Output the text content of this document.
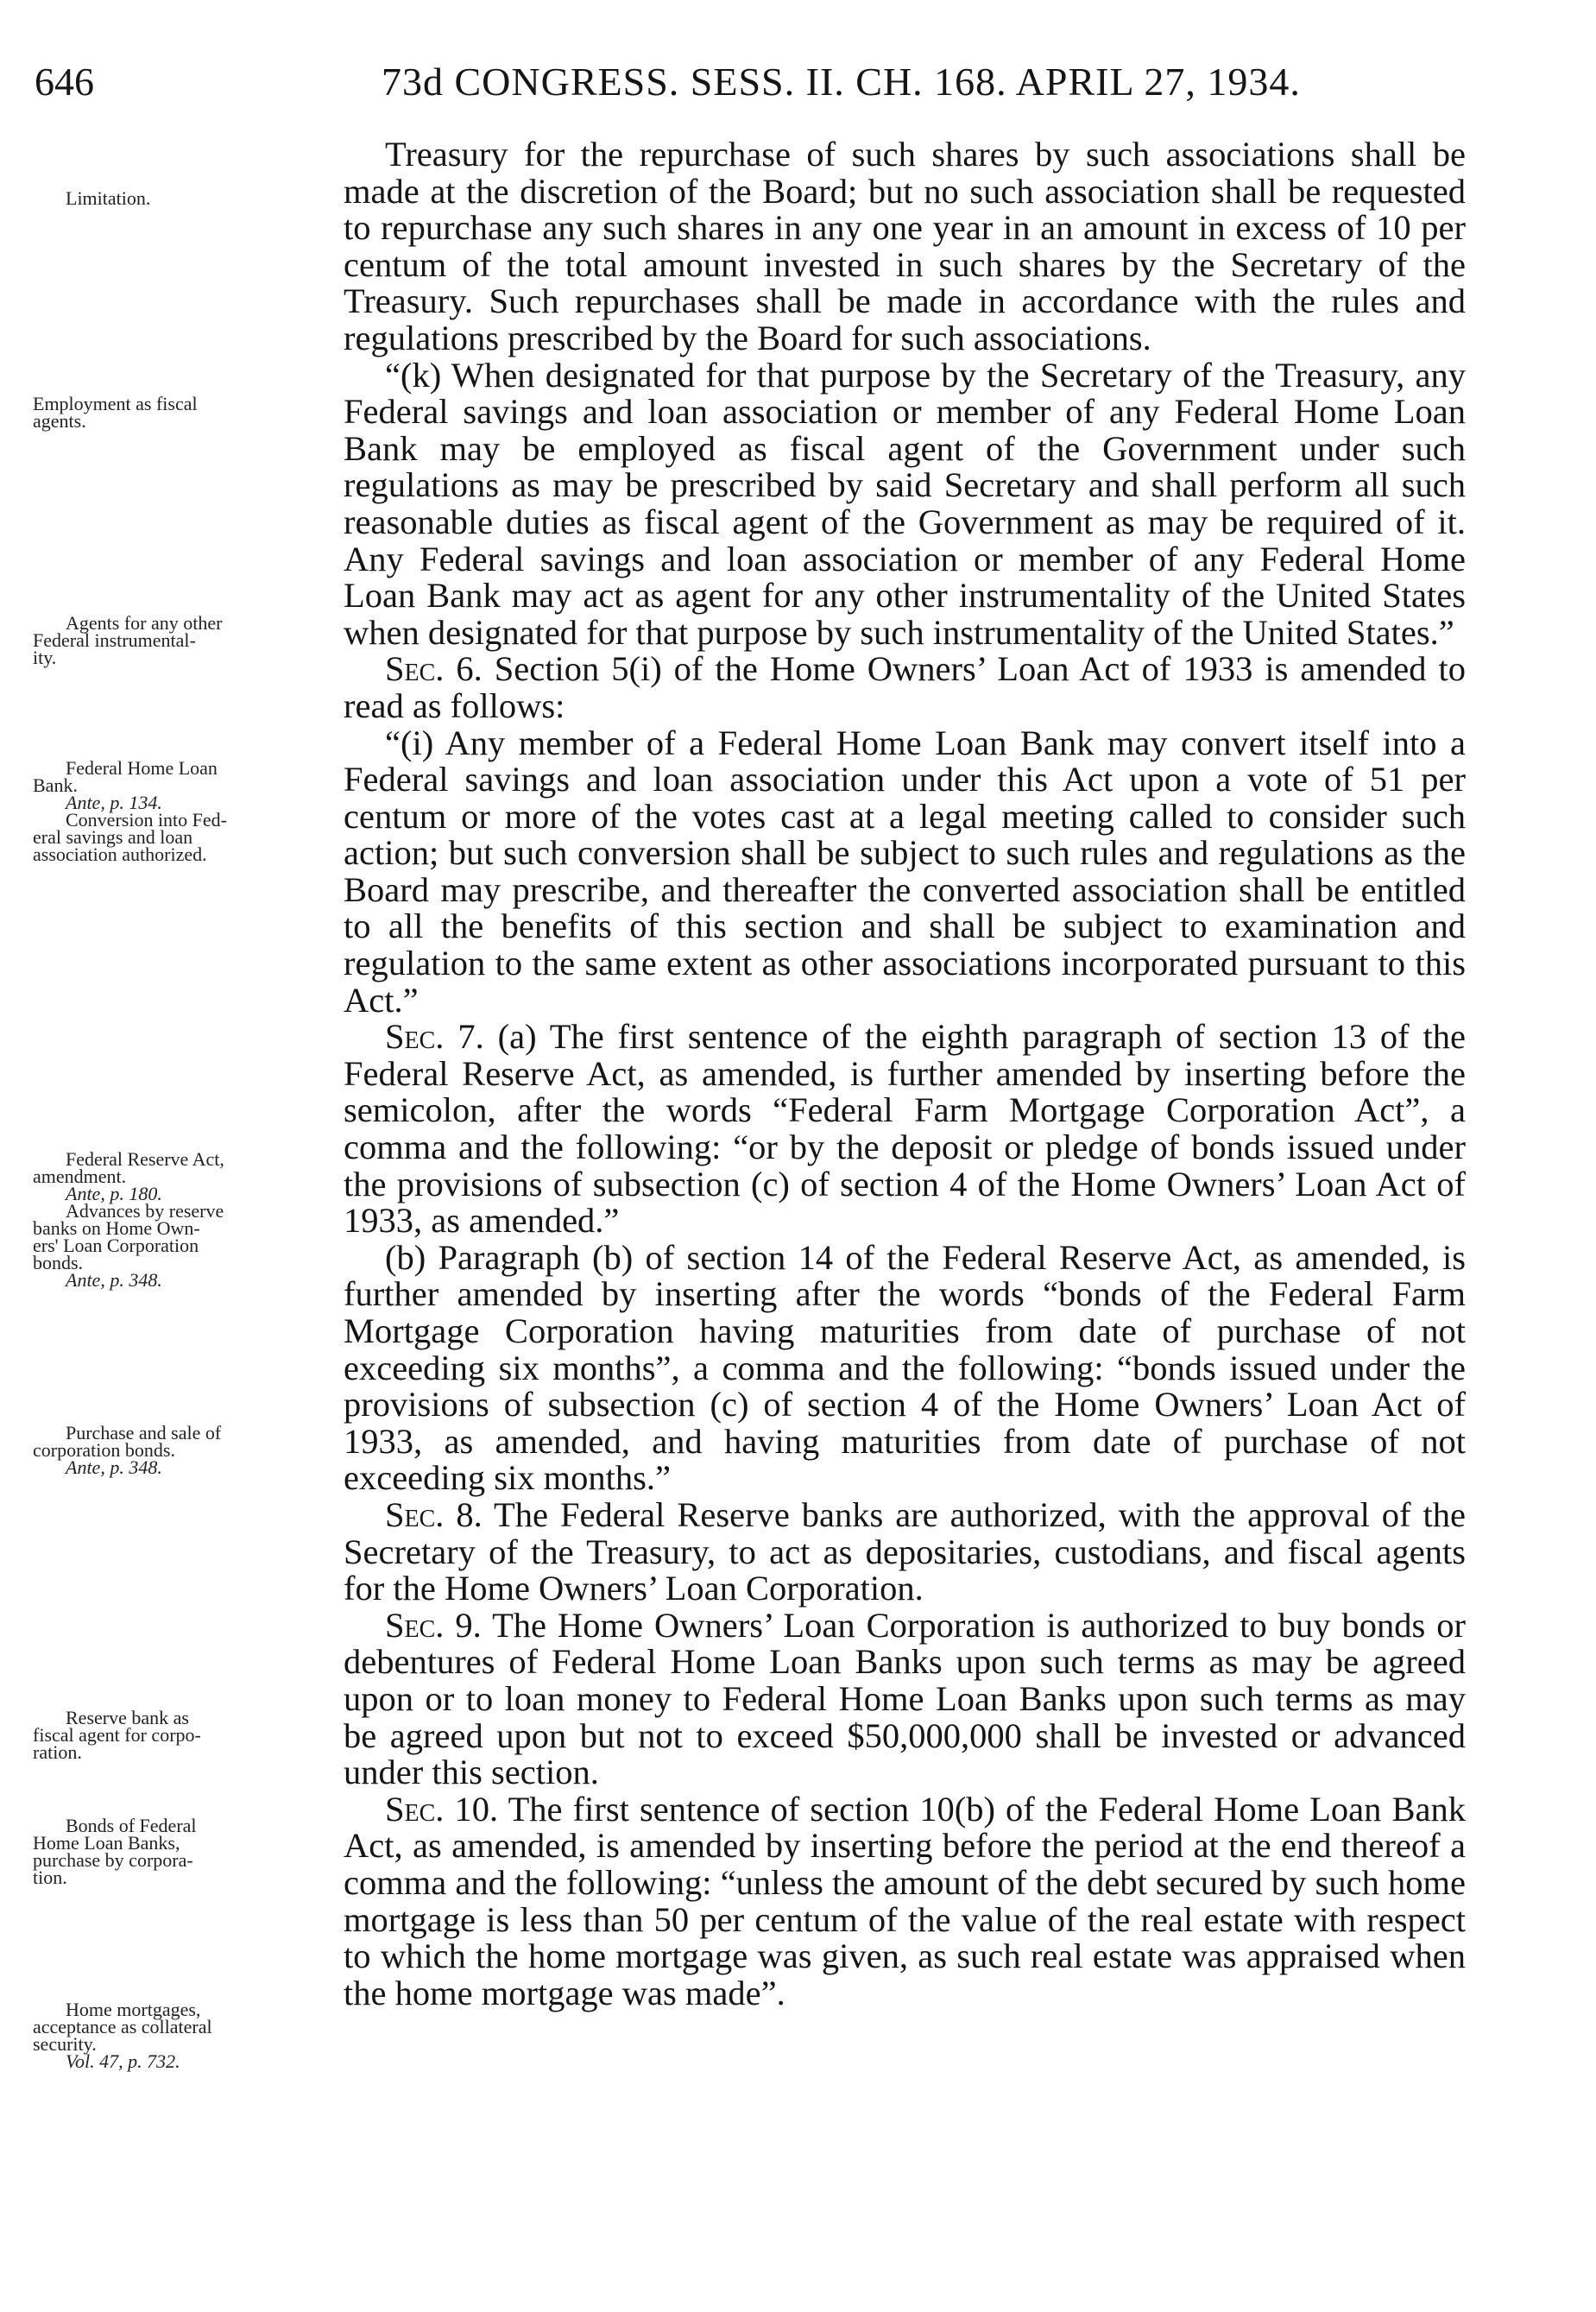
646	73d CONGRESS. SESS. II. CH. 168. APRIL 27, 1934.
Limitation.
Employment as fiscal
agents.
Agents for any other
Federal instrumental-
ity.
Federal Home Loan
Bank.
Ante, p. 134.
Conversion into Fed-
eral savings and loan
association authorized.
Federal Reserve Act,
amendment.
Ante, p. 180.
Advances by reserve
banks on Home Own-
ers' Loan Corporation
bonds.
Ante, p. 348.
Purchase and sale of
corporation bonds.
Ante, p. 348.
Reserve bank as
fiscal agent for corpo-
ration.
Bonds of Federal
Home Loan Banks,
purchase by corpora-
tion.
Home mortgages,
acceptance as collateral
security.
Vol. 47, p. 732.

Treasury for the repurchase of such shares by such associations shall be made at the discretion of the Board; but no such association shall be requested to repurchase any such shares in any one year in an amount in excess of 10 per centum of the total amount invested in such shares by the Secretary of the Treasury. Such repurchases shall be made in accordance with the rules and regulations prescribed by the Board for such associations.

“(k) When designated for that purpose by the Secretary of the Treasury, any Federal savings and loan association or member of any Federal Home Loan Bank may be employed as fiscal agent of the Government under such regulations as may be prescribed by said Secretary and shall perform all such reasonable duties as fiscal agent of the Government as may be required of it. Any Federal savings and loan association or member of any Federal Home Loan Bank may act as agent for any other instrumentality of the United States when designated for that purpose by such instrumentality of the United States.”

Sec. 6. Section 5(i) of the Home Owners’ Loan Act of 1933 is amended to read as follows:

“(i) Any member of a Federal Home Loan Bank may convert itself into a Federal savings and loan association under this Act upon a vote of 51 per centum or more of the votes cast at a legal meeting called to consider such action; but such conversion shall be subject to such rules and regulations as the Board may prescribe, and thereafter the converted association shall be entitled to all the benefits of this section and shall be subject to examination and regulation to the same extent as other associations incorporated pursuant to this Act.”

Sec. 7. (a) The first sentence of the eighth paragraph of section 13 of the Federal Reserve Act, as amended, is further amended by inserting before the semicolon, after the words “Federal Farm Mortgage Corporation Act”, a comma and the following: “or by the deposit or pledge of bonds issued under the provisions of subsection (c) of section 4 of the Home Owners’ Loan Act of 1933, as amended.”

(b) Paragraph (b) of section 14 of the Federal Reserve Act, as amended, is further amended by inserting after the words “bonds of the Federal Farm Mortgage Corporation having maturities from date of purchase of not exceeding six months”, a comma and the following: “bonds issued under the provisions of subsection (c) of section 4 of the Home Owners’ Loan Act of 1933, as amended, and having maturities from date of purchase of not exceeding six months.”

Sec. 8. The Federal Reserve banks are authorized, with the approval of the Secretary of the Treasury, to act as depositaries, custodians, and fiscal agents for the Home Owners’ Loan Corporation.

Sec. 9. The Home Owners’ Loan Corporation is authorized to buy bonds or debentures of Federal Home Loan Banks upon such terms as may be agreed upon or to loan money to Federal Home Loan Banks upon such terms as may be agreed upon but not to exceed $50,000,000 shall be invested or advanced under this section.

Sec. 10. The first sentence of section 10(b) of the Federal Home Loan Bank Act, as amended, is amended by inserting before the period at the end thereof a comma and the following: “unless the amount of the debt secured by such home mortgage is less than 50 per centum of the value of the real estate with respect to which the home mortgage was given, as such real estate was appraised when the home mortgage was made”.
